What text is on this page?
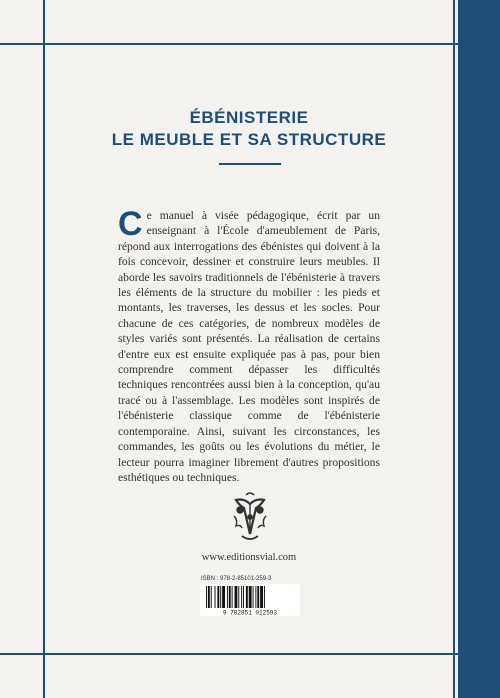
ÉBÉNISTERIE
LE MEUBLE ET SA STRUCTURE

Ce manuel à visée pédagogique, écrit par un enseignant à l'École d'ameublement de Paris, répond aux interrogations des ébénistes qui doivent à la fois concevoir, dessiner et construire leurs meubles. Il aborde les savoirs traditionnels de l'ébénisterie à travers les éléments de la structure du mobilier : les pieds et montants, les traverses, les dessus et les socles. Pour chacune de ces catégories, de nombreux modèles de styles variés sont présentés. La réalisation de certains d'entre eux est ensuite expliquée pas à pas, pour bien comprendre comment dépasser les difficultés techniques rencontrées aussi bien à la conception, qu'au tracé ou à l'assemblage. Les modèles sont inspirés de l'ébénisterie classique comme de l'ébénisterie contemporaine. Ainsi, suivant les circonstances, les commandes, les goûts ou les évolutions du métier, le lecteur pourra imaginer librement d'autres propositions esthétiques ou techniques.

www.editionsvial.com
ISBN : 978-2-85101-259-3
9 782851 012593
